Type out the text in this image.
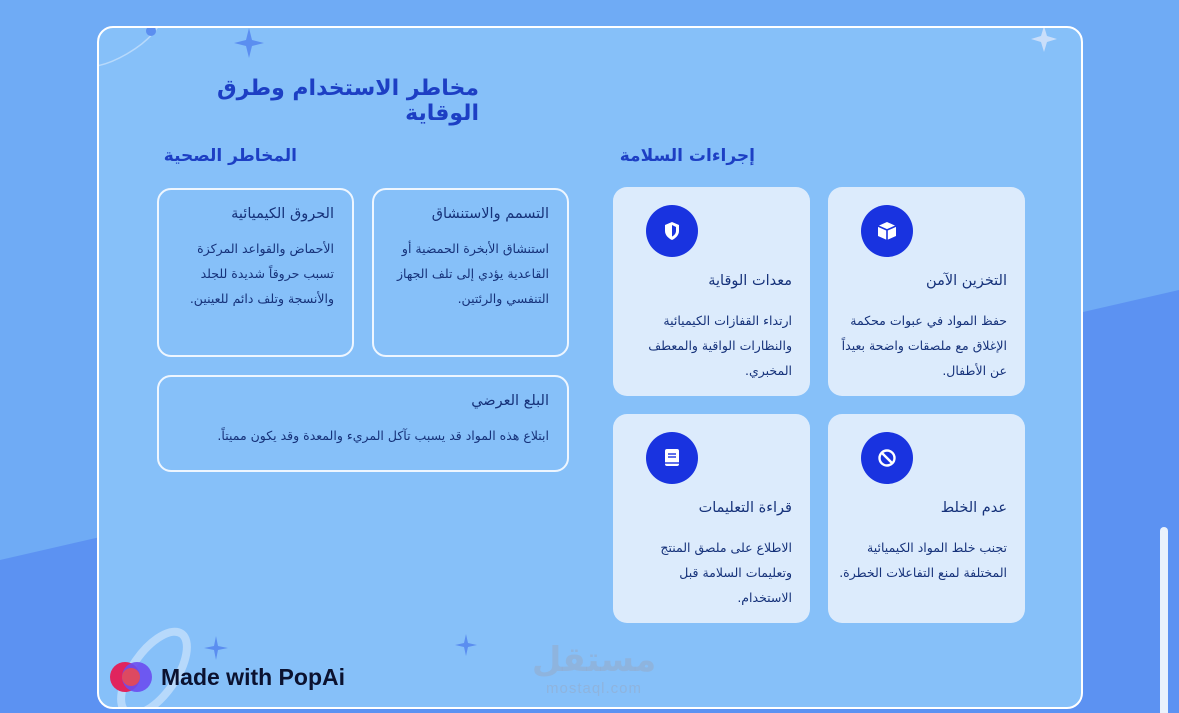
مخاطر الاستخدام وطرق الوقاية
المخاطر الصحية
التسمم والاستنشاق
استنشاق الأبخرة الحمضية أو القاعدية يؤدي إلى تلف الجهاز التنفسي والرئتين.
الحروق الكيميائية
الأحماض والقواعد المركزة تسبب حروقاً شديدة للجلد والأنسجة وتلف دائم للعينين.
البلع العرضي
ابتلاع هذه المواد قد يسبب تآكل المريء والمعدة وقد يكون مميتاً.
إجراءات السلامة
التخزين الآمن
حفظ المواد في عبوات محكمة الإغلاق مع ملصقات واضحة بعيداً عن الأطفال.
معدات الوقاية
ارتداء القفازات الكيميائية والنظارات الواقية والمعطف المخبري.
عدم الخلط
تجنب خلط المواد الكيميائية المختلفة لمنع التفاعلات الخطرة.
قراءة التعليمات
الاطلاع على ملصق المنتج وتعليمات السلامة قبل الاستخدام.
مستقل
mostaql.com
Made with PopAi
